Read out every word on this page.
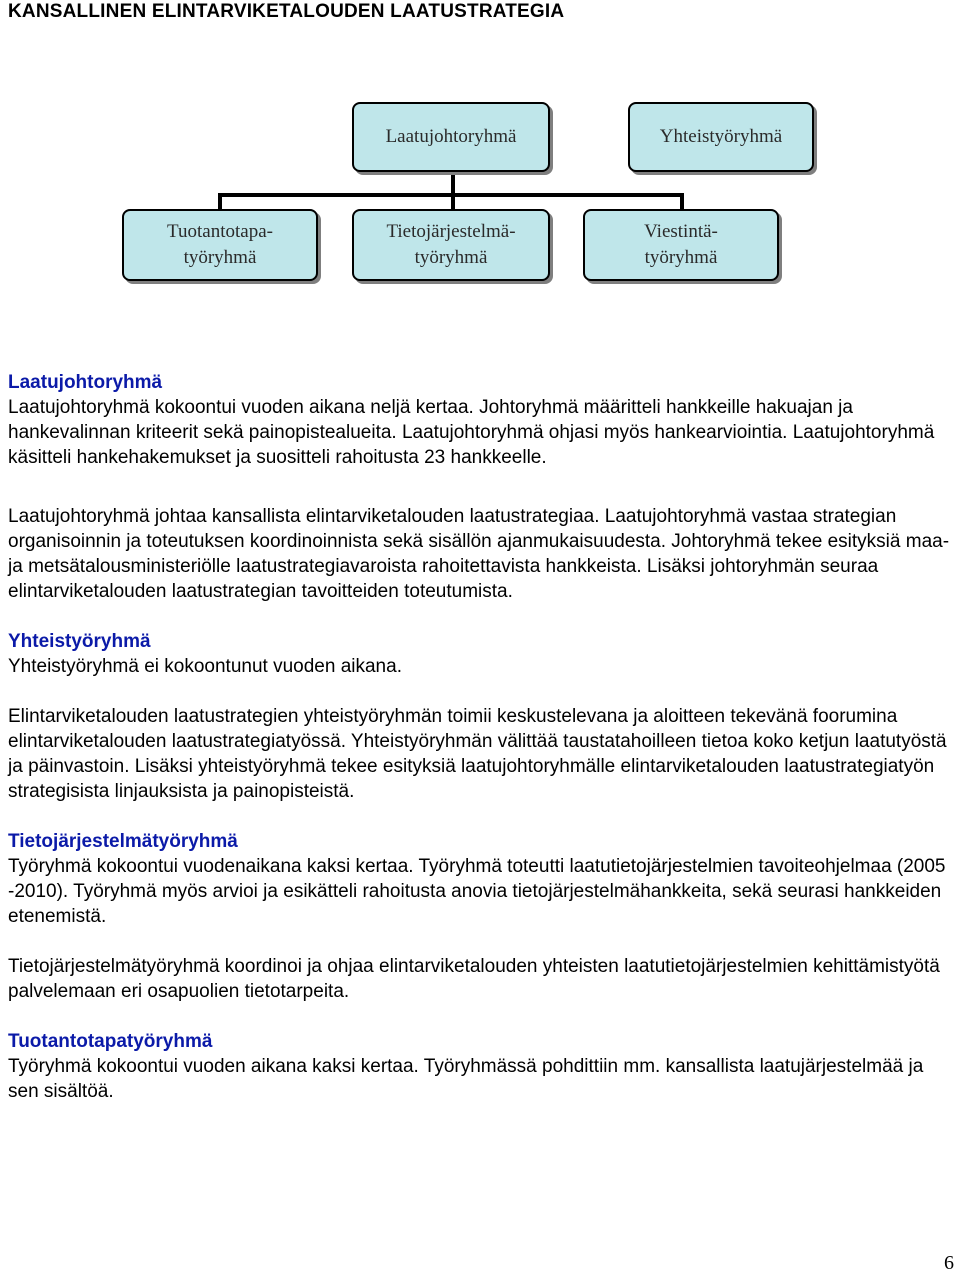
KANSALLINEN ELINTARVIKETALOUDEN LAATUSTRATEGIA
Laatujohtoryhmä	Yhteistyöryhmä
Tuotantotapa-
työryhmä
Tietojärjestelmä-
työryhmä
Viestintä-
työryhmä
Laatujohtoryhmä

Laatujohtoryhmä kokoontui vuoden aikana neljä kertaa. Johtoryhmä määritteli hankkeille hakuajan ja hankevalinnan kriteerit sekä painopistealueita. Laatujohtoryhmä ohjasi myös hankearviointia. Laatujohtoryhmä käsitteli hankehakemukset ja suositteli rahoitusta 23 hankkeelle.

Laatujohtoryhmä johtaa kansallista elintarviketalouden laatustrategiaa. Laatujohtoryhmä vastaa strategian organisoinnin ja toteutuksen koordinoinnista sekä sisällön ajanmukaisuudesta. Johtoryhmä tekee esityksiä maa- ja metsätalousministeriölle laatustrategiavaroista rahoitettavista hankkeista. Lisäksi johtoryhmän seuraa elintarviketalouden laatustrategian tavoitteiden toteutumista.

Yhteistyöryhmä

Yhteistyöryhmä ei kokoontunut vuoden aikana.

Elintarviketalouden laatustrategien yhteistyöryhmän toimii keskustelevana ja aloitteen tekevänä foorumina elintarviketalouden laatustrategiatyössä. Yhteistyöryhmän välittää taustatahoilleen tietoa koko ketjun laatutyöstä ja päinvastoin. Lisäksi yhteistyöryhmä tekee esityksiä laatujohtoryhmälle elintarviketalouden laatustrategiatyön strategisista linjauksista ja painopisteistä.

Tietojärjestelmätyöryhmä

Työryhmä kokoontui vuodenaikana kaksi kertaa. Työryhmä toteutti laatutietojärjestelmien tavoiteohjelmaa (2005 -2010). Työryhmä myös arvioi ja esikätteli rahoitusta anovia tietojärjestelmähankkeita, sekä seurasi hankkeiden etenemistä.

Tietojärjestelmätyöryhmä koordinoi ja ohjaa elintarviketalouden yhteisten laatutietojärjestelmien kehittämistyötä palvelemaan eri osapuolien tietotarpeita.

Tuotantotapatyöryhmä

Työryhmä kokoontui vuoden aikana kaksi kertaa. Työryhmässä pohdittiin mm. kansallista laatujärjestelmää ja sen sisältöä.

6
